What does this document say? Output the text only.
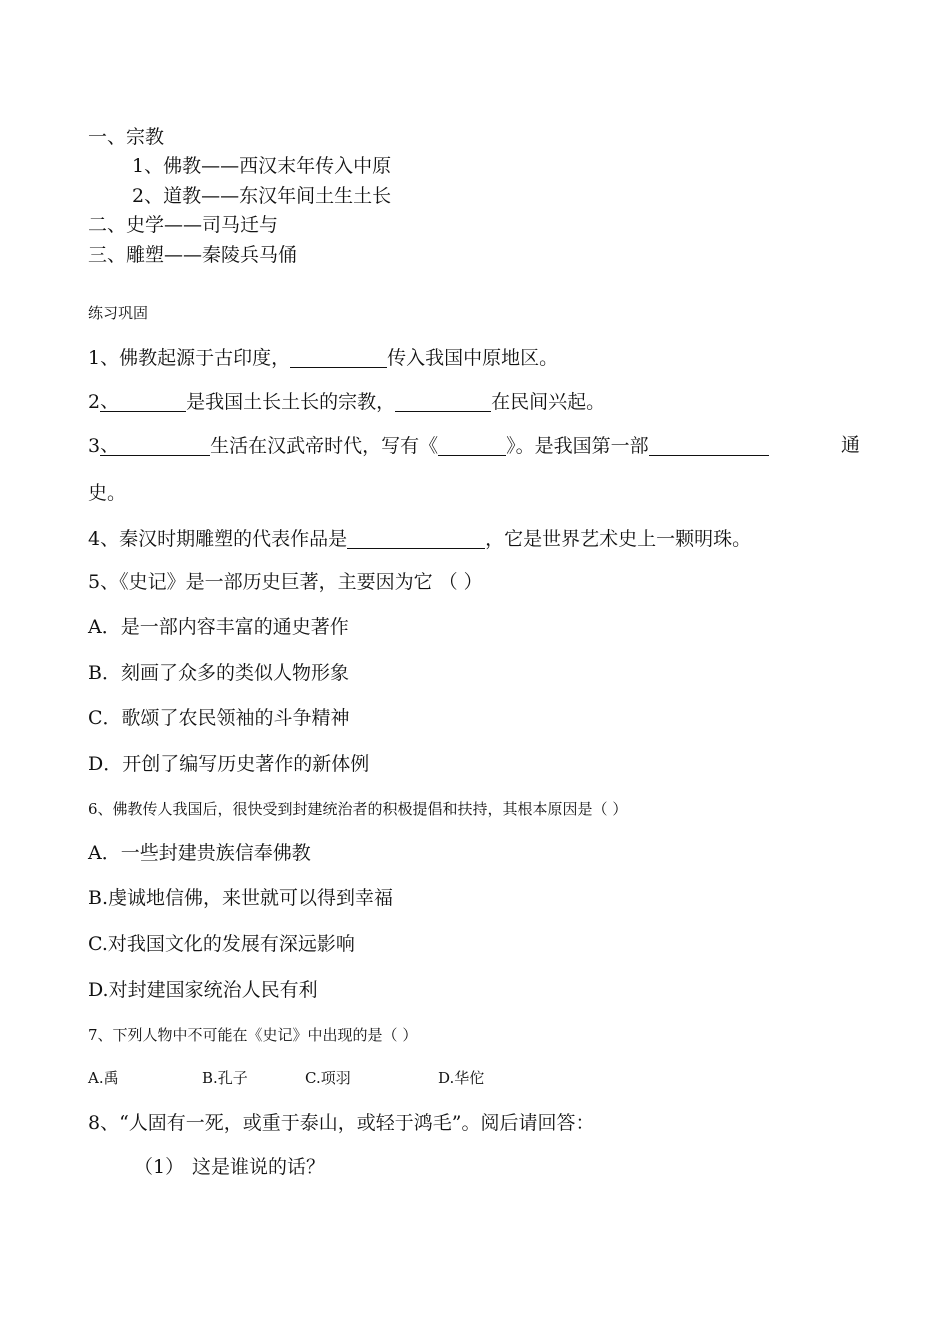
一、宗教
1、佛教——西汉末年传入中原
2、道教——东汉年间土生土长
二、史学——司马迁与
三、雕塑——秦陵兵马俑
练习巩固
1、佛教起源于古印度，	传入我国中原地区。
2、	是我国土长土长的宗教，	在民间兴起。
3、	生活在汉武帝时代，写有《	》。是我国第一部	通
史。
4、秦汉时期雕塑的代表作品是	，它是世界艺术史上一颗明珠。
5、《史记》是一部历史巨著，主要因为它 （ ）
A．是一部内容丰富的通史著作
B．刻画了众多的类似人物形象
C．歌颂了农民领袖的斗争精神
D．开创了编写历史著作的新体例
6、佛教传人我国后，很快受到封建统治者的积极提倡和扶持，其根本原因是（ ）
A．一些封建贵族信奉佛教
B.虔诚地信佛，来世就可以得到幸福
C.对我国文化的发展有深远影响
D.对封建国家统治人民有利
7、下列人物中不可能在《史记》中出现的是（ ）
A.禹	B.孔子	C.项羽	D.华佗
8、“人固有一死，或重于泰山，或轻于鸿毛”。阅后请回答：
（1） 这是谁说的话？
